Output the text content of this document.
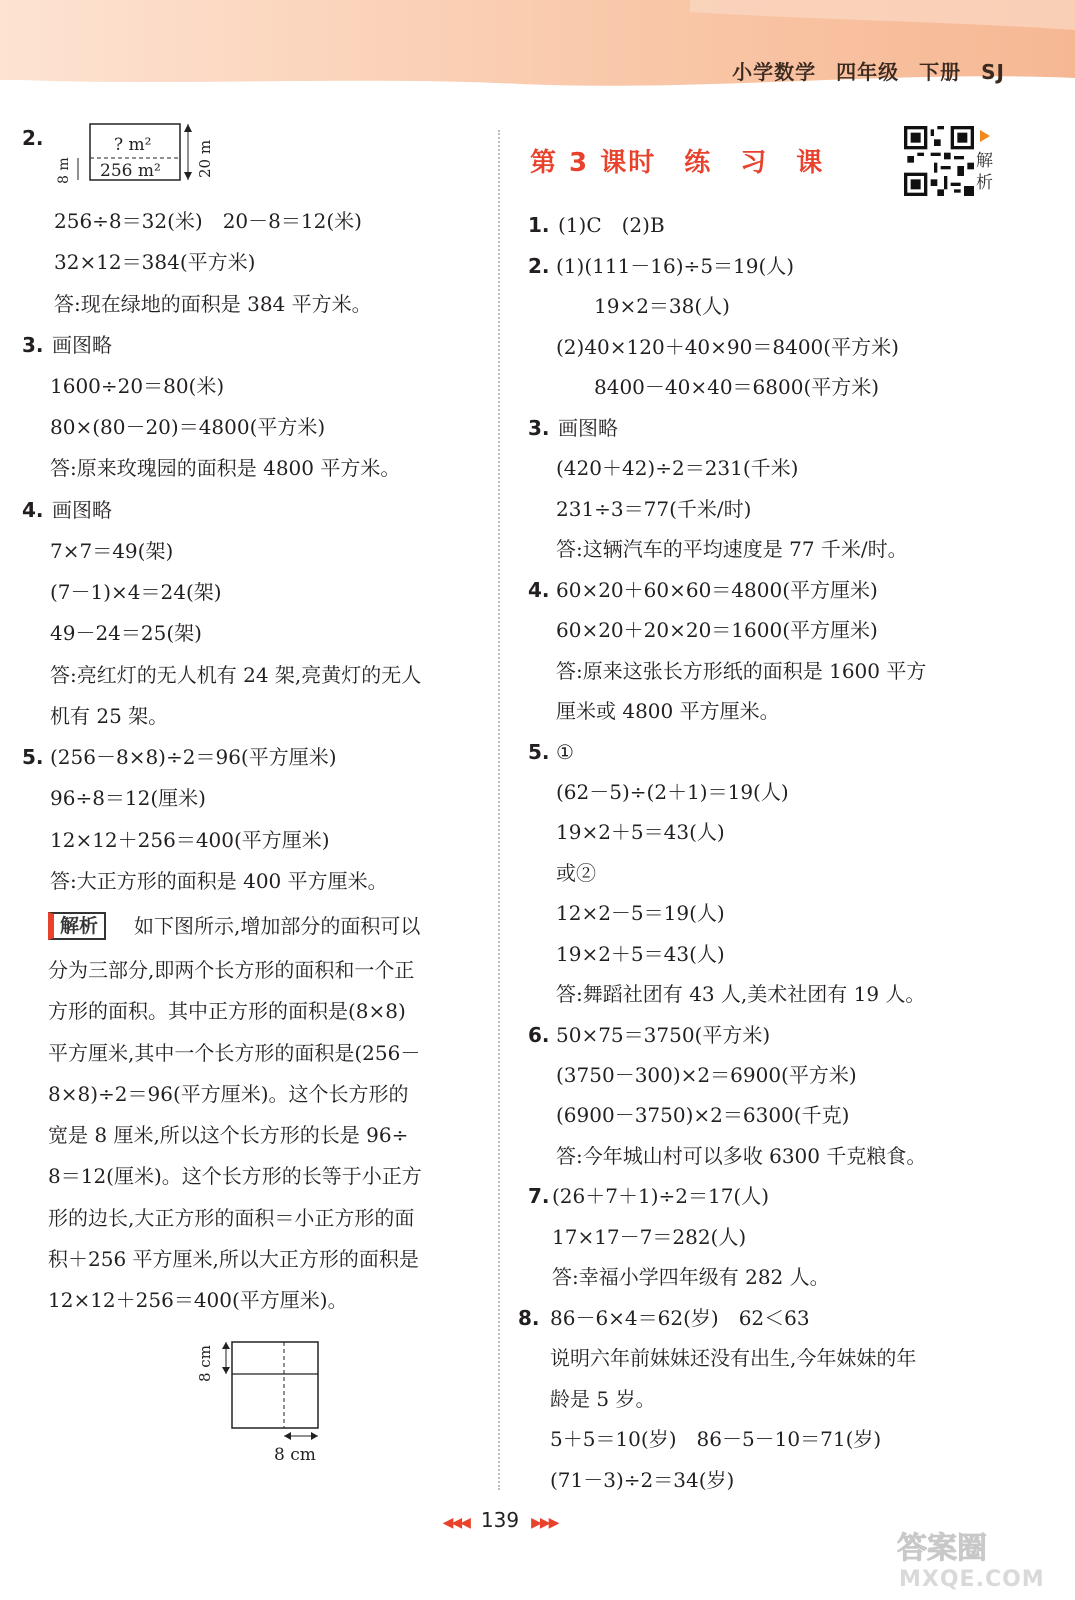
小学数学 四年级 下册 SJ
2.	? m²
256 m²
8 m	20 m
256÷8＝32(米)　20－8＝12(米)
32×12＝384(平方米)
答:现在绿地的面积是 384 平方米。
3. 画图略
1600÷20＝80(米)
80×(80－20)＝4800(平方米)
答:原来玫瑰园的面积是 4800 平方米。
4. 画图略
7×7＝49(架)
(7－1)×4＝24(架)
49－24＝25(架)
答:亮红灯的无人机有 24 架,亮黄灯的无人
机有 25 架。
5. (256－8×8)÷2＝96(平方厘米)
96÷8＝12(厘米)
12×12＋256＝400(平方厘米)
答:大正方形的面积是 400 平方厘米。
解析	如下图所示,增加部分的面积可以
分为三部分,即两个长方形的面积和一个正
方形的面积。其中正方形的面积是(8×8)
平方厘米,其中一个长方形的面积是(256－
8×8)÷2＝96(平方厘米)。这个长方形的
宽是 8 厘米,所以这个长方形的长是 96÷
8＝12(厘米)。这个长方形的长等于小正方
形的边长,大正方形的面积＝小正方形的面
积＋256 平方厘米,所以大正方形的面积是
12×12＋256＝400(平方厘米)。
8 cm
8 cm
第 3 课时　练　习　课	解析
1. (1)C　(2)B
2. (1)(111－16)÷5＝19(人)
19×2＝38(人)
(2)40×120＋40×90＝8400(平方米)
8400－40×40＝6800(平方米)
3. 画图略
(420＋42)÷2＝231(千米)
231÷3＝77(千米/时)
答:这辆汽车的平均速度是 77 千米/时。
4. 60×20＋60×60＝4800(平方厘米)
60×20＋20×20＝1600(平方厘米)
答:原来这张长方形纸的面积是 1600 平方
厘米或 4800 平方厘米。
5. ①
(62－5)÷(2＋1)＝19(人)
19×2＋5＝43(人)
或②
12×2－5＝19(人)
19×2＋5＝43(人)
答:舞蹈社团有 43 人,美术社团有 19 人。
6. 50×75＝3750(平方米)
(3750－300)×2＝6900(平方米)
(6900－3750)×2＝6300(千克)
答:今年城山村可以多收 6300 千克粮食。
7. (26＋7＋1)÷2＝17(人)
17×17－7＝282(人)
答:幸福小学四年级有 282 人。
8. 86－6×4＝62(岁)　62＜63
说明六年前妹妹还没有出生,今年妹妹的年
龄是 5 岁。
5＋5＝10(岁)　86－5－10＝71(岁)
(71－3)÷2＝34(岁)
◀◀◀ 139 ▶▶▶
答案圈
MXQE.COM
